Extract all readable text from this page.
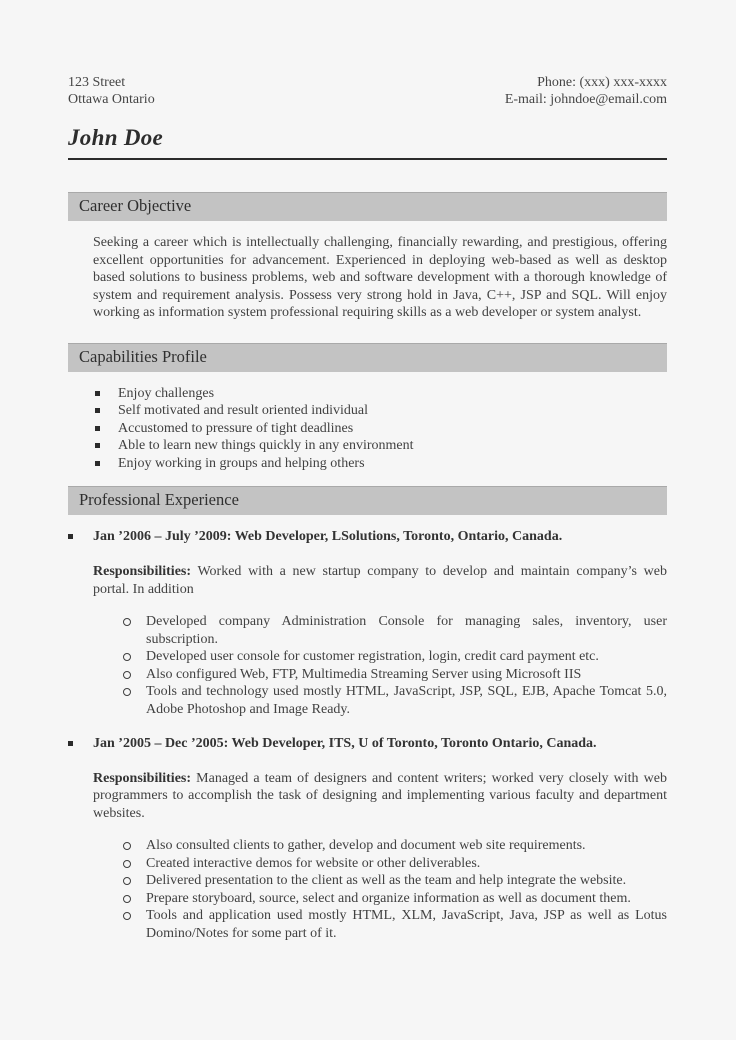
123 Street
Ottawa Ontario
Phone: (xxx) xxx-xxxx
E-mail: johndoe@email.com
John Doe
Career Objective

Seeking a career which is intellectually challenging, financially rewarding, and prestigious, offering excellent opportunities for advancement. Experienced in deploying web-based as well as desktop based solutions to business problems, web and software development with a thorough knowledge of system and requirement analysis. Possess very strong hold in Java, C++, JSP and SQL. Will enjoy working as information system professional requiring skills as a web developer or system analyst.

Capabilities Profile
Enjoy challenges
Self motivated and result oriented individual
Accustomed to pressure of tight deadlines
Able to learn new things quickly in any environment
Enjoy working in groups and helping others
Professional Experience
Jan ’2006 – July ’2009: Web Developer, LSolutions, Toronto, Ontario, Canada.

Responsibilities: Worked with a new startup company to develop and maintain company’s web portal. In addition

Developed company Administration Console for managing sales, inventory, user subscription.
Developed user console for customer registration, login, credit card payment etc.
Also configured Web, FTP, Multimedia Streaming Server using Microsoft IIS
Tools and technology used mostly HTML, JavaScript, JSP, SQL, EJB, Apache Tomcat 5.0, Adobe Photoshop and Image Ready.
Jan ’2005 – Dec ’2005: Web Developer, ITS, U of Toronto, Toronto Ontario, Canada.

Responsibilities: Managed a team of designers and content writers; worked very closely with web programmers to accomplish the task of designing and implementing various faculty and department websites.

Also consulted clients to gather, develop and document web site requirements.
Created interactive demos for website or other deliverables.
Delivered presentation to the client as well as the team and help integrate the website.
Prepare storyboard, source, select and organize information as well as document them.
Tools and application used mostly HTML, XLM, JavaScript, Java, JSP as well as Lotus Domino/Notes for some part of it.
